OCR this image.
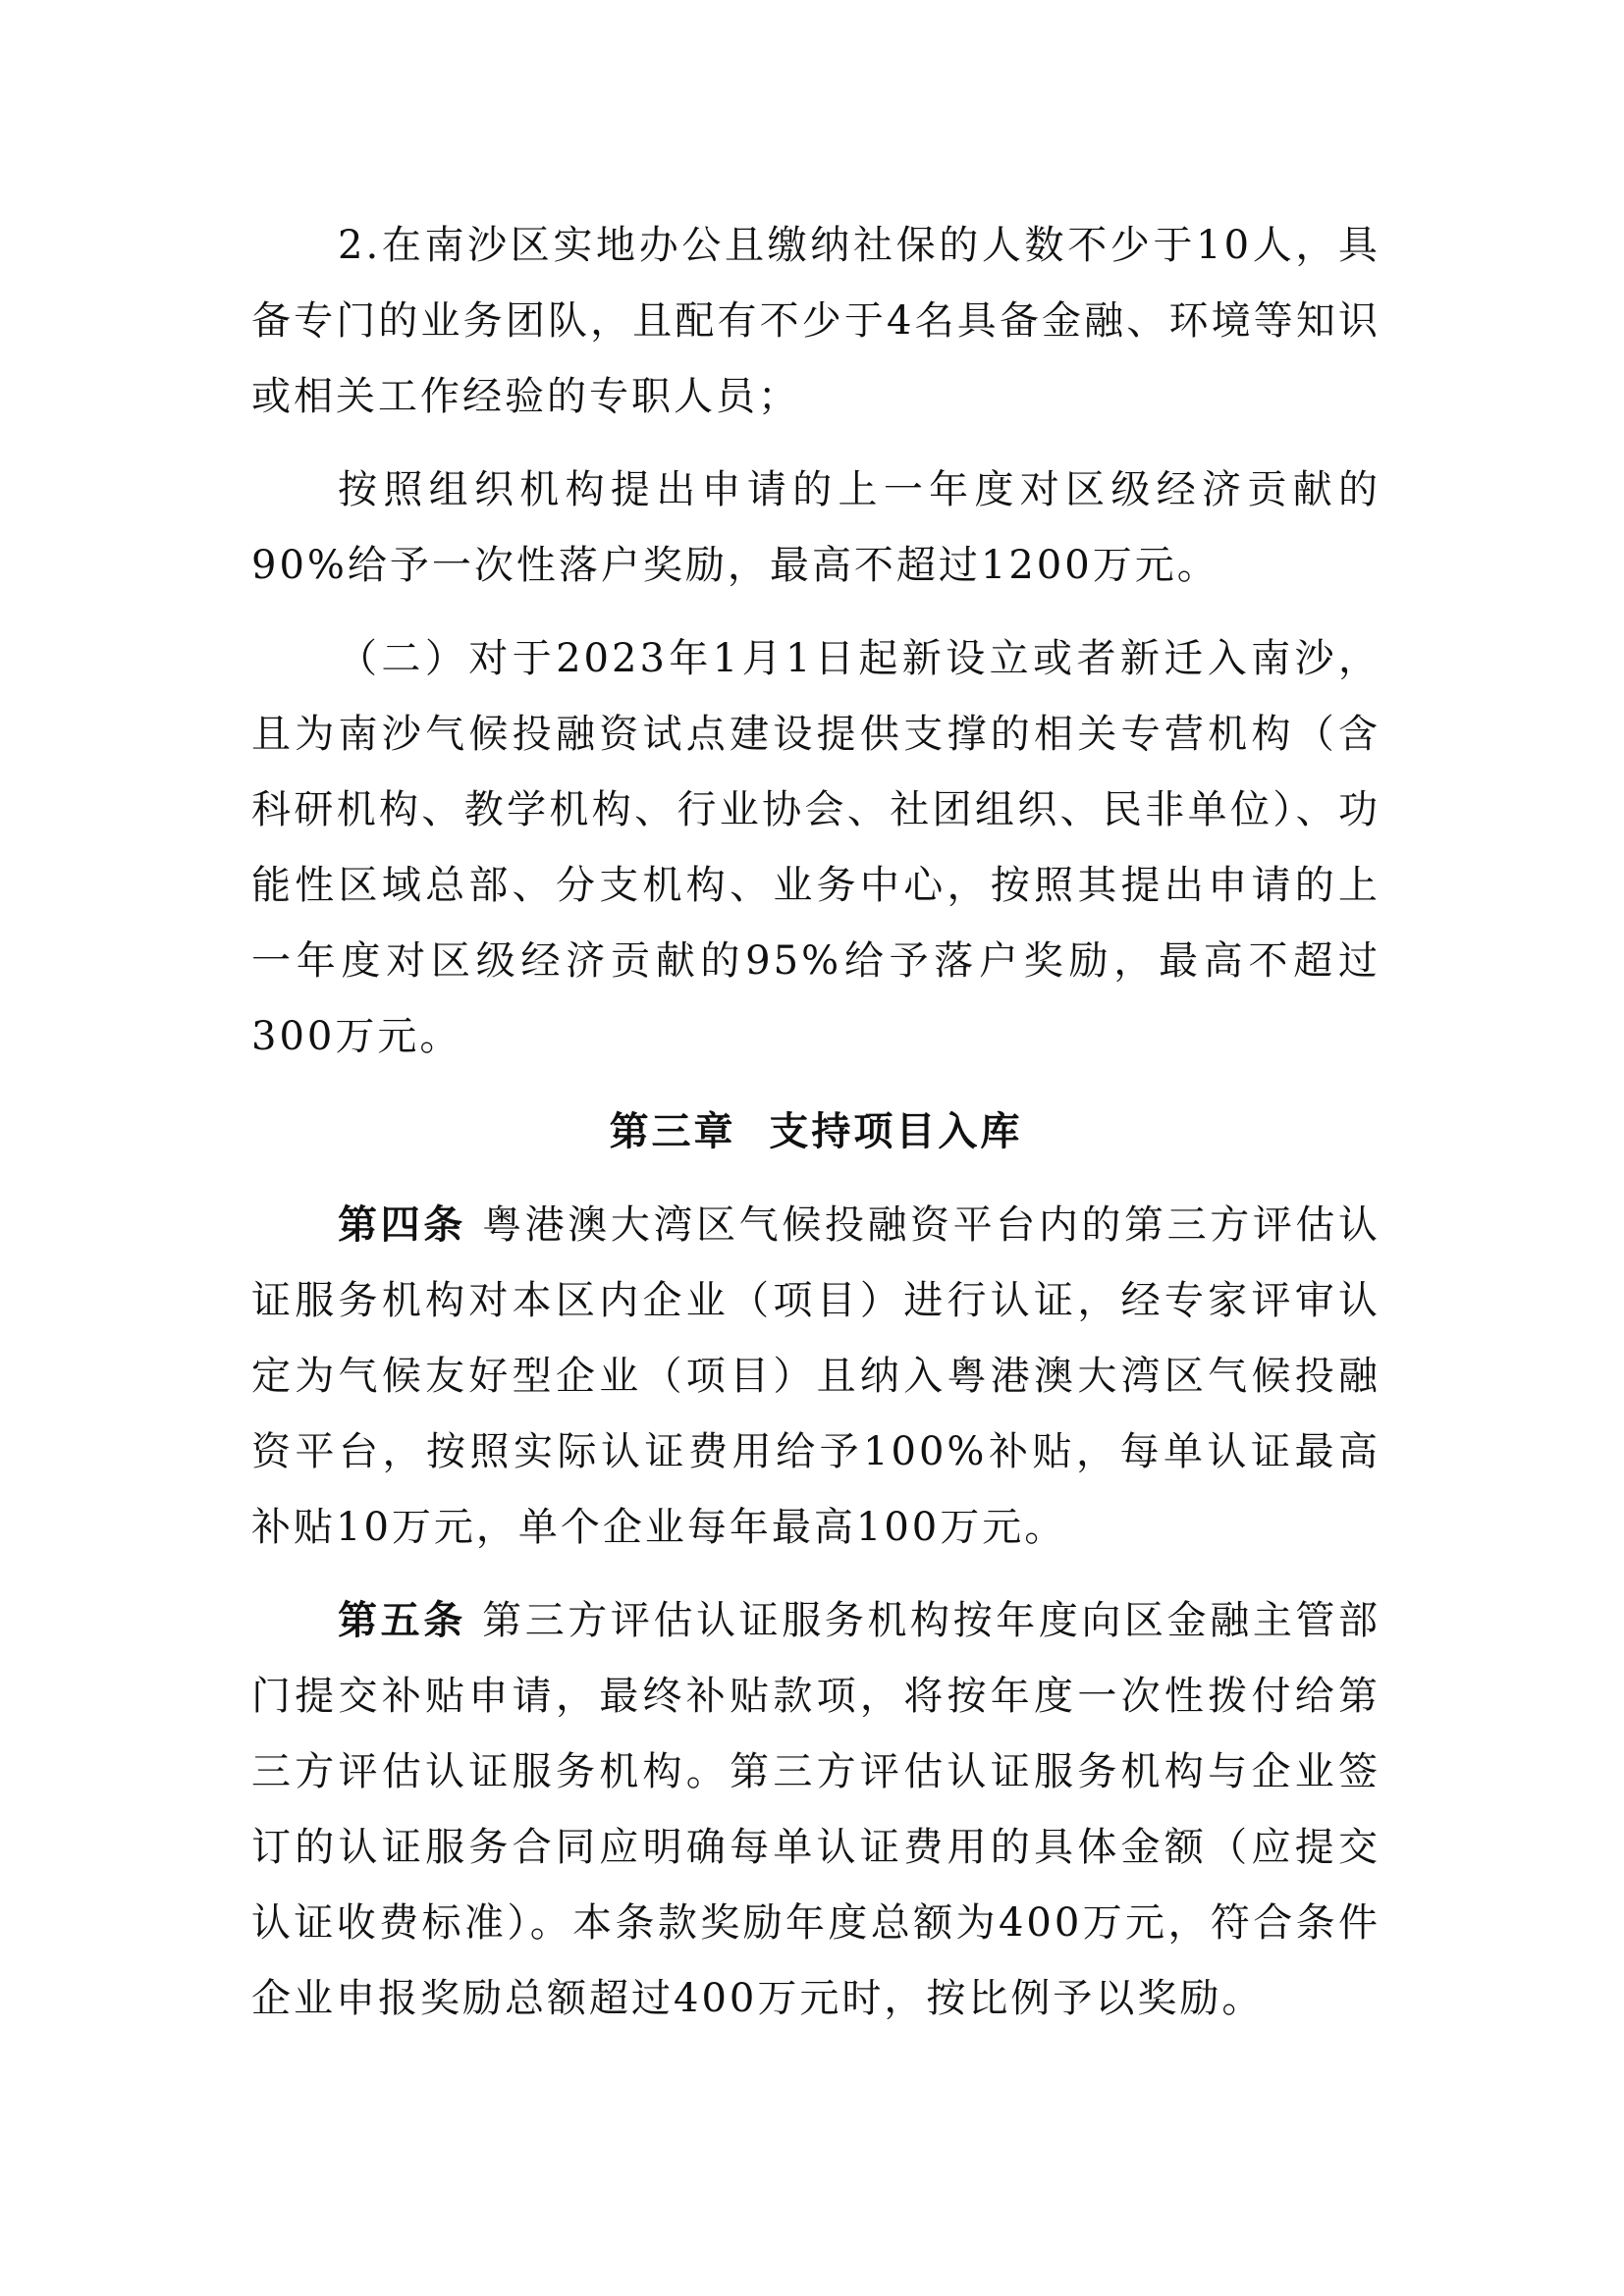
2.在南沙区实地办公且缴纳社保的人数不少于10人，具备专门的业务团队，且配有不少于4名具备金融、环境等知识或相关工作经验的专职人员；

按照组织机构提出申请的上一年度对区级经济贡献的90%给予一次性落户奖励，最高不超过1200万元。

（二）对于2023年1月1日起新设立或者新迁入南沙，且为南沙气候投融资试点建设提供支撑的相关专营机构（含科研机构、教学机构、行业协会、社团组织、民非单位）、功能性区域总部、分支机构、业务中心，按照其提出申请的上一年度对区级经济贡献的95%给予落户奖励，最高不超过300万元。

第三章  支持项目入库

第四条 粤港澳大湾区气候投融资平台内的第三方评估认证服务机构对本区内企业（项目）进行认证，经专家评审认定为气候友好型企业（项目）且纳入粤港澳大湾区气候投融资平台，按照实际认证费用给予100%补贴，每单认证最高补贴10万元，单个企业每年最高100万元。

第五条 第三方评估认证服务机构按年度向区金融主管部门提交补贴申请，最终补贴款项，将按年度一次性拨付给第三方评估认证服务机构。第三方评估认证服务机构与企业签订的认证服务合同应明确每单认证费用的具体金额（应提交认证收费标准）。本条款奖励年度总额为400万元，符合条件企业申报奖励总额超过400万元时，按比例予以奖励。
